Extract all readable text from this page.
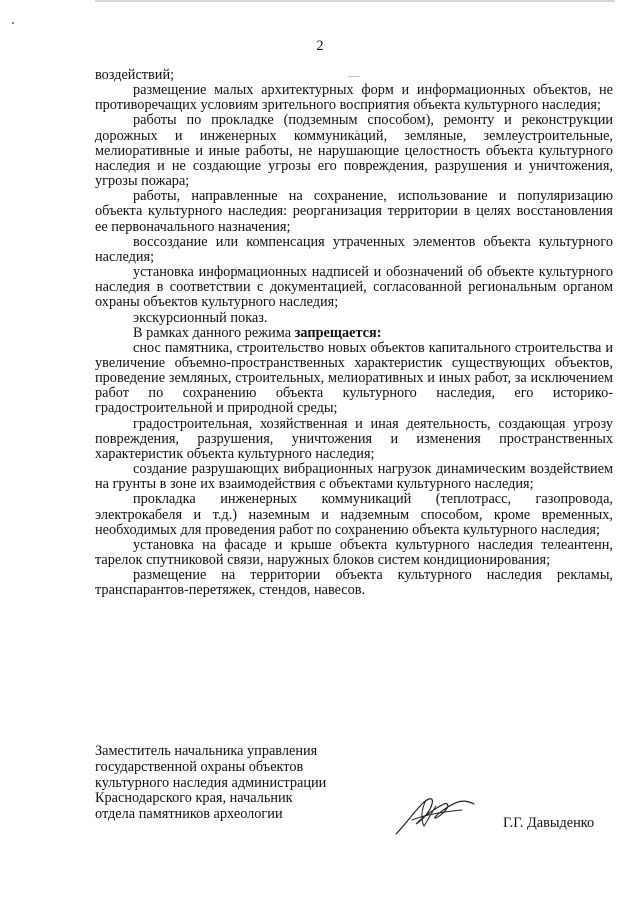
2

воздействий;

размещение малых архитектурных форм и информационных объектов, не противоречащих условиям зрительного восприятия объекта культурного наследия;

работы по прокладке (подземным способом), ремонту и реконструкции дорожных и инженерных коммуникаций, земляные, землеустроительные, мелиоративные и иные работы, не нарушающие целостность объекта культурного наследия и не создающие угрозы его повреждения, разрушения и уничтожения, угрозы пожара;

работы, направленные на сохранение, использование и популяризацию объекта культурного наследия: реорганизация территории в целях восстановления ее первоначального назначения;

воссоздание или компенсация утраченных элементов объекта культурного наследия;

установка информационных надписей и обозначений об объекте культурного наследия в соответствии с документацией, согласованной региональным органом охраны объектов культурного наследия;

экскурсионный показ.

В рамках данного режима запрещается:

снос памятника, строительство новых объектов капитального строительства и увеличение объемно-пространственных характеристик существующих объектов, проведение земляных, строительных, мелиоративных и иных работ, за исключением работ по сохранению объекта культурного наследия, его историко-градостроительной и природной среды;

градостроительная, хозяйственная и иная деятельность, создающая угрозу повреждения, разрушения, уничтожения и изменения пространственных характеристик объекта культурного наследия;

создание разрушающих вибрационных нагрузок динамическим воздействием на грунты в зоне их взаимодействия с объектами культурного наследия;

прокладка инженерных коммуникаций (теплотрасс, газопровода, электрокабеля и т.д.) наземным и надземным способом, кроме временных, необходимых для проведения работ по сохранению объекта культурного наследия;

установка на фасаде и крыше объекта культурного наследия телеантенн, тарелок спутниковой связи, наружных блоков систем кондиционирования;

размещение на территории объекта культурного наследия рекламы, транспарантов-перетяжек, стендов, навесов.

Заместитель начальника управления
государственной охраны объектов
культурного наследия администрации
Краснодарского края, начальник
отдела памятников археологии
Г.Г. Давыденко
